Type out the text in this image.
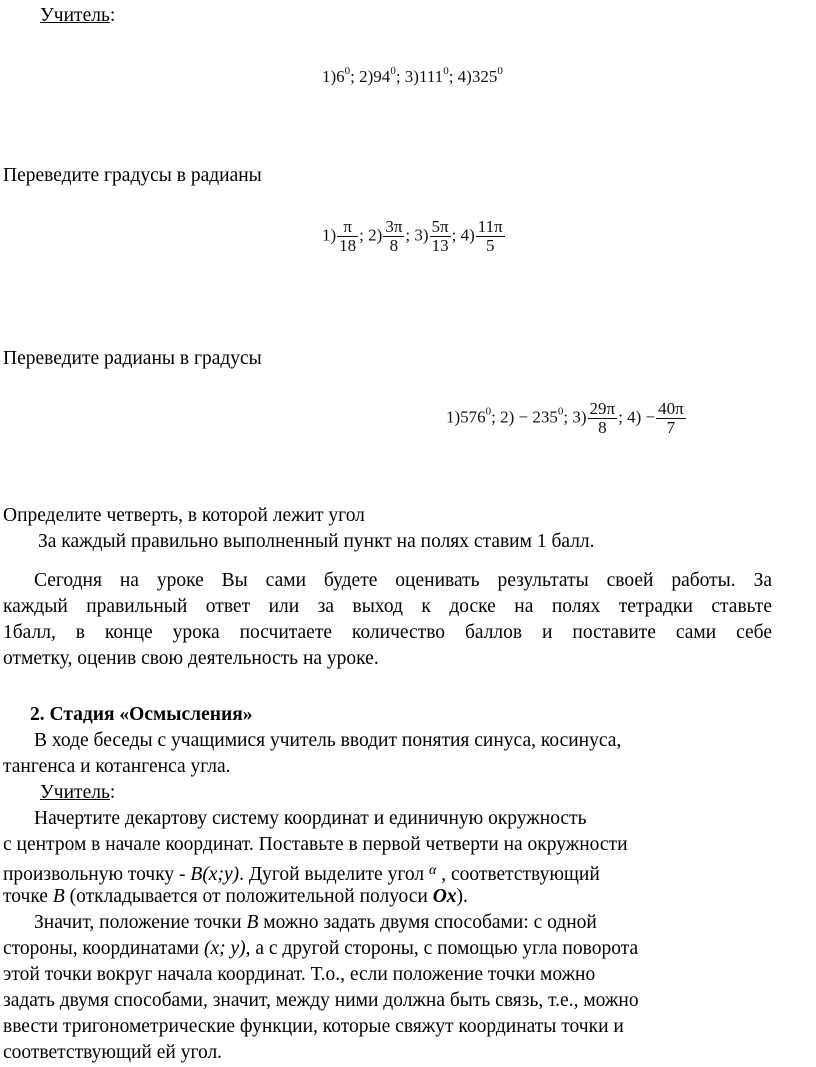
Учитель:
$1)6^0$; $2)94^0$; $3)111^0$; $4)325^0$
Переведите градусы в радианы
$1) \frac{\pi}{18}$ ; $2) \frac{3\pi}{8}$ ; $3) \frac{5\pi}{13}$ ; $4) \frac{11\pi}{5}$
Переведите радианы в градусы
$1)576^0$; $2) - 235^0$; $3) \frac{29\pi}{8}$ ; $4) - \frac{40\pi}{7}$
Определите четверть, в которой лежит угол
За каждый правильно выполненный пункт на полях ставим 1 балл.
Сегодня на уроке Вы сами будете оценивать результаты своей работы. За
каждый правильный ответ или за выход к доске на полях тетрадки ставьте
1балл, в конце урока посчитаете количество баллов и поставите сами себе
отметку, оценив свою деятельность на уроке.
2. Стадия «Осмысления»
В ходе беседы с учащимися учитель вводит понятия синуса, косинуса,
тангенса и котангенса угла.
Учитель:
Начертите декартову систему координат и единичную окружность
с центром в начале координат. Поставьте в первой четверти на окружности
произвольную точку - B(x;y). Дугой выделите угол $^\alpha$ , соответствующий
точке B (откладывается от положительной полуоси Ox).
Значит, положение точки B можно задать двумя способами: с одной
стороны, координатами (x; y), а с другой стороны, с помощью угла поворота
этой точки вокруг начала координат. Т.о., если положение точки можно
задать двумя способами, значит, между ними должна быть связь, т.е., можно
ввести тригонометрические функции, которые свяжут координаты точки и
соответствующий ей угол.
